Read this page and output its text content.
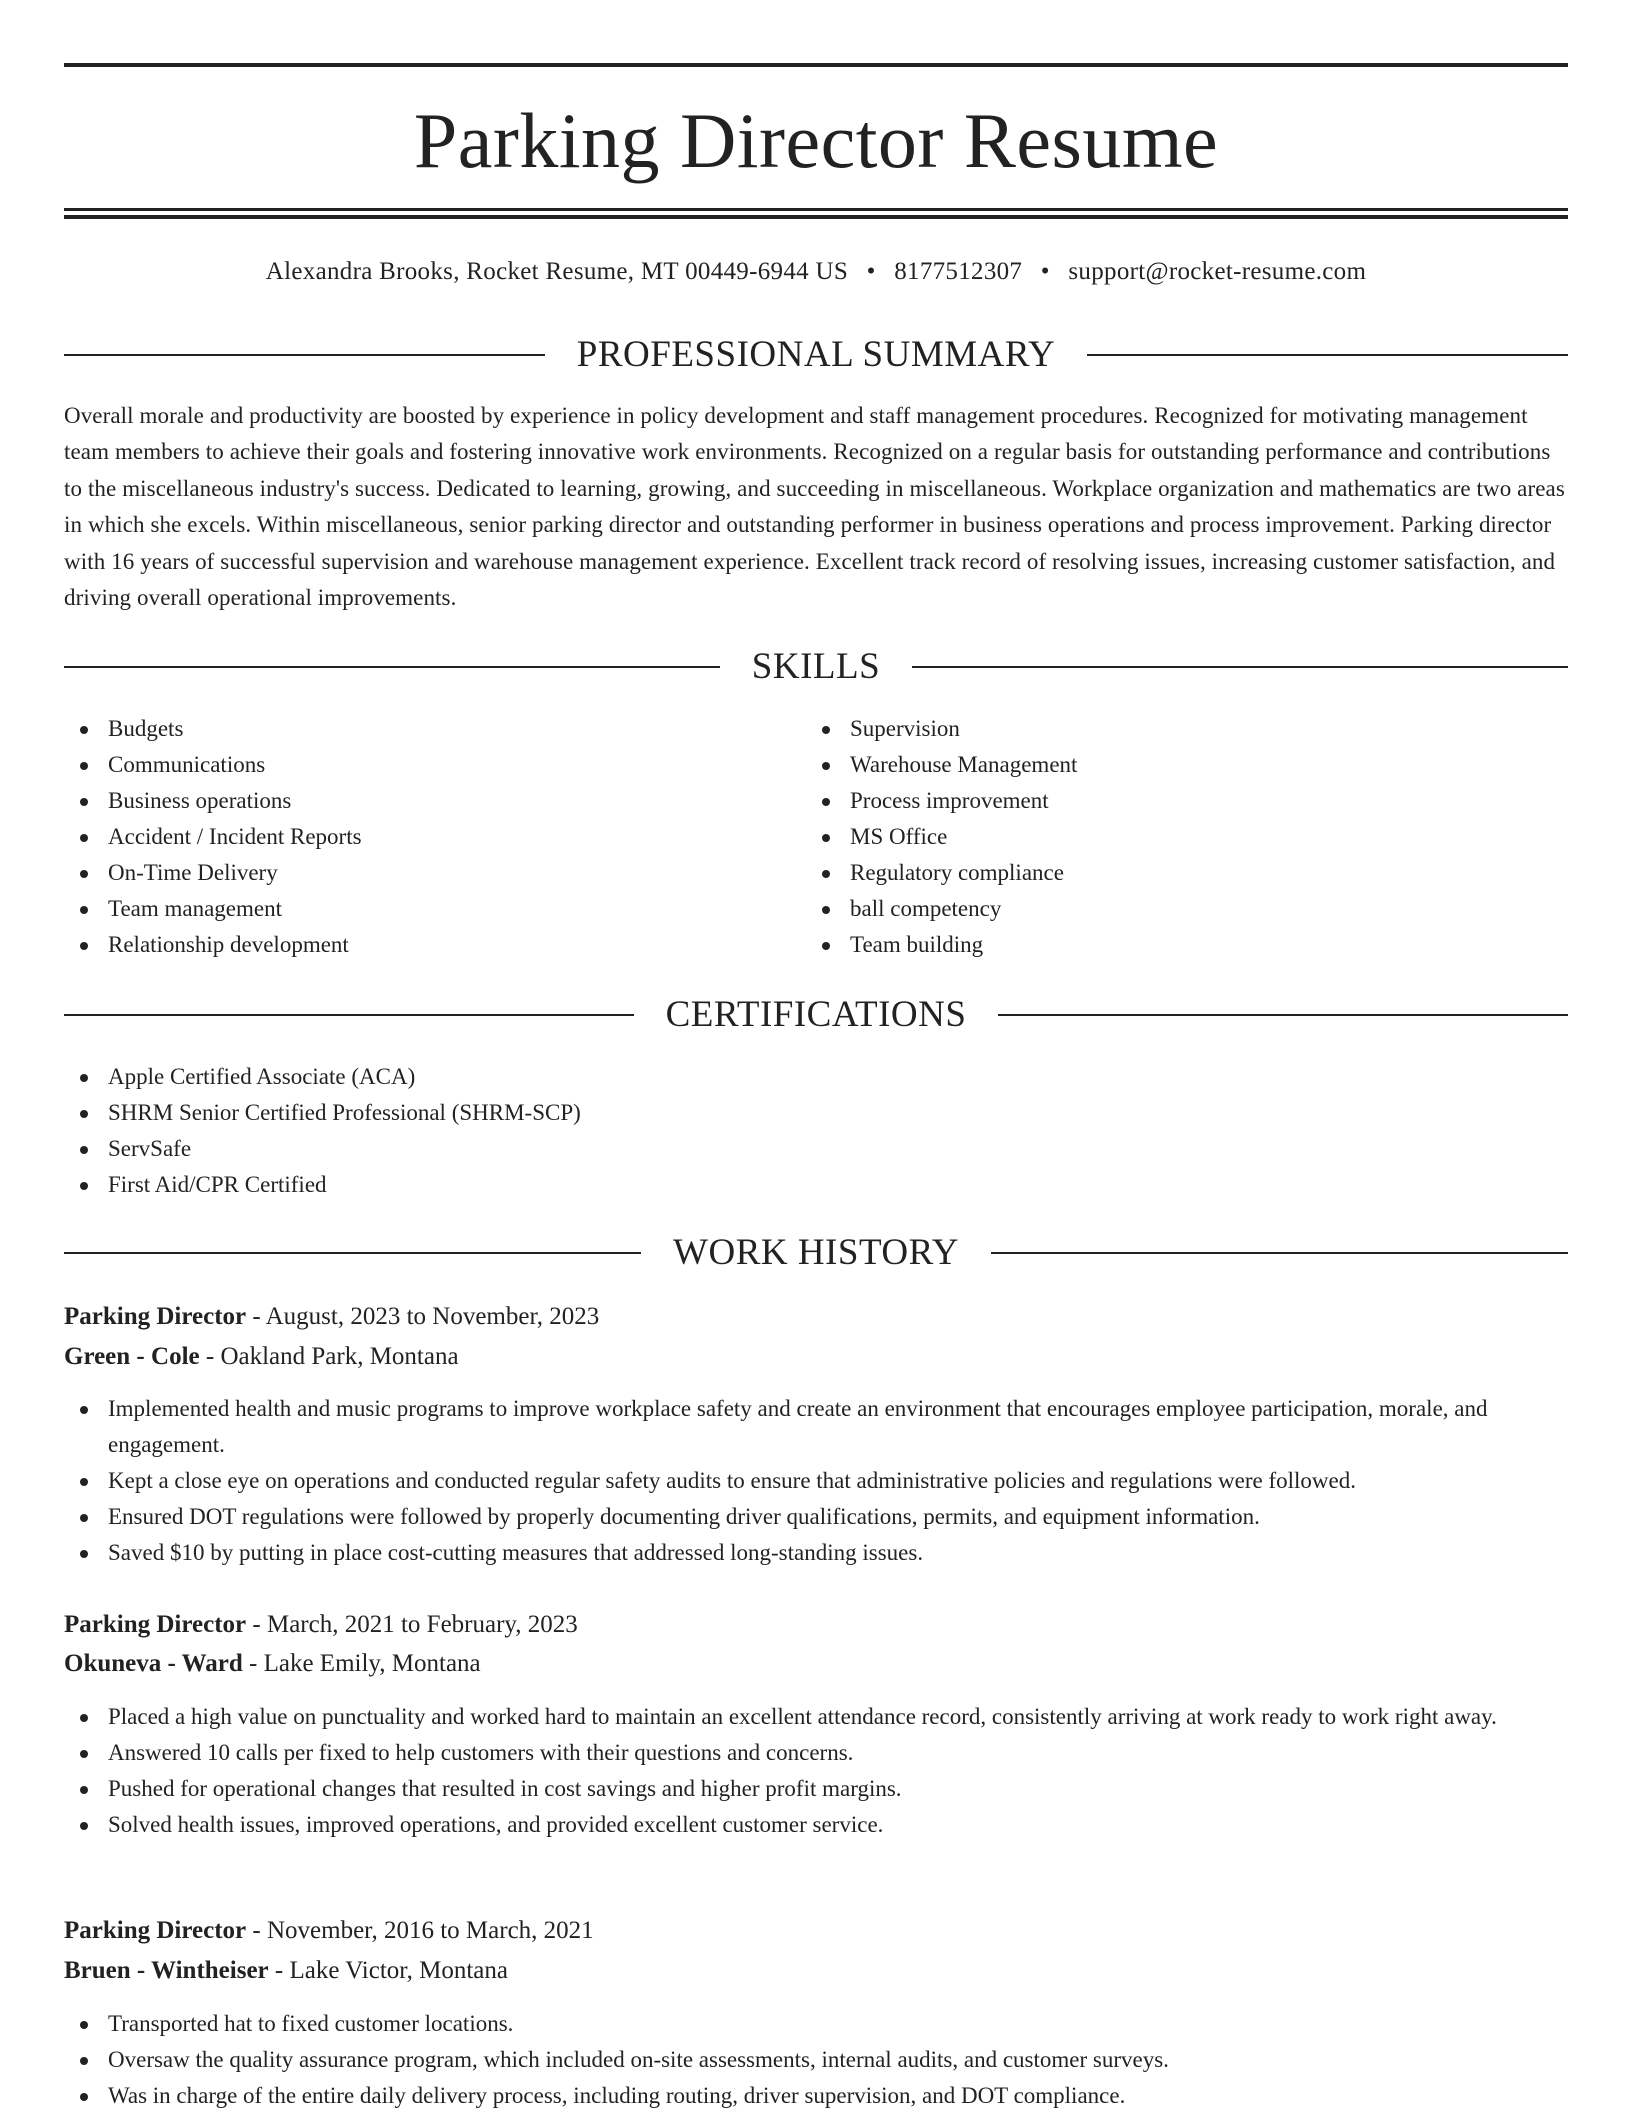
Parking Director Resume
Alexandra Brooks, Rocket Resume, MT 00449-6944 US • 8177512307 • support@rocket-resume.com
PROFESSIONAL SUMMARY

Overall morale and productivity are boosted by experience in policy development and staff management procedures. Recognized for motivating management team members to achieve their goals and fostering innovative work environments. Recognized on a regular basis for outstanding performance and contributions to the miscellaneous industry's success. Dedicated to learning, growing, and succeeding in miscellaneous. Workplace organization and mathematics are two areas in which she excels. Within miscellaneous, senior parking director and outstanding performer in business operations and process improvement. Parking director with 16 years of successful supervision and warehouse management experience. Excellent track record of resolving issues, increasing customer satisfaction, and driving overall operational improvements.

SKILLS
Budgets
Communications
Business operations
Accident / Incident Reports
On-Time Delivery
Team management
Relationship development
Supervision
Warehouse Management
Process improvement
MS Office
Regulatory compliance
ball competency
Team building
CERTIFICATIONS
Apple Certified Associate (ACA)
SHRM Senior Certified Professional (SHRM-SCP)
ServSafe
First Aid/CPR Certified
WORK HISTORY
Parking Director - August, 2023 to November, 2023
Green - Cole - Oakland Park, Montana
Implemented health and music programs to improve workplace safety and create an environment that encourages employee participation, morale, and engagement.
Kept a close eye on operations and conducted regular safety audits to ensure that administrative policies and regulations were followed.
Ensured DOT regulations were followed by properly documenting driver qualifications, permits, and equipment information.
Saved $10 by putting in place cost-cutting measures that addressed long-standing issues.
Parking Director - March, 2021 to February, 2023
Okuneva - Ward - Lake Emily, Montana
Placed a high value on punctuality and worked hard to maintain an excellent attendance record, consistently arriving at work ready to work right away.
Answered 10 calls per fixed to help customers with their questions and concerns.
Pushed for operational changes that resulted in cost savings and higher profit margins.
Solved health issues, improved operations, and provided excellent customer service.
Parking Director - November, 2016 to March, 2021
Bruen - Wintheiser - Lake Victor, Montana
Transported hat to fixed customer locations.
Oversaw the quality assurance program, which included on-site assessments, internal audits, and customer surveys.
Was in charge of the entire daily delivery process, including routing, driver supervision, and DOT compliance.
